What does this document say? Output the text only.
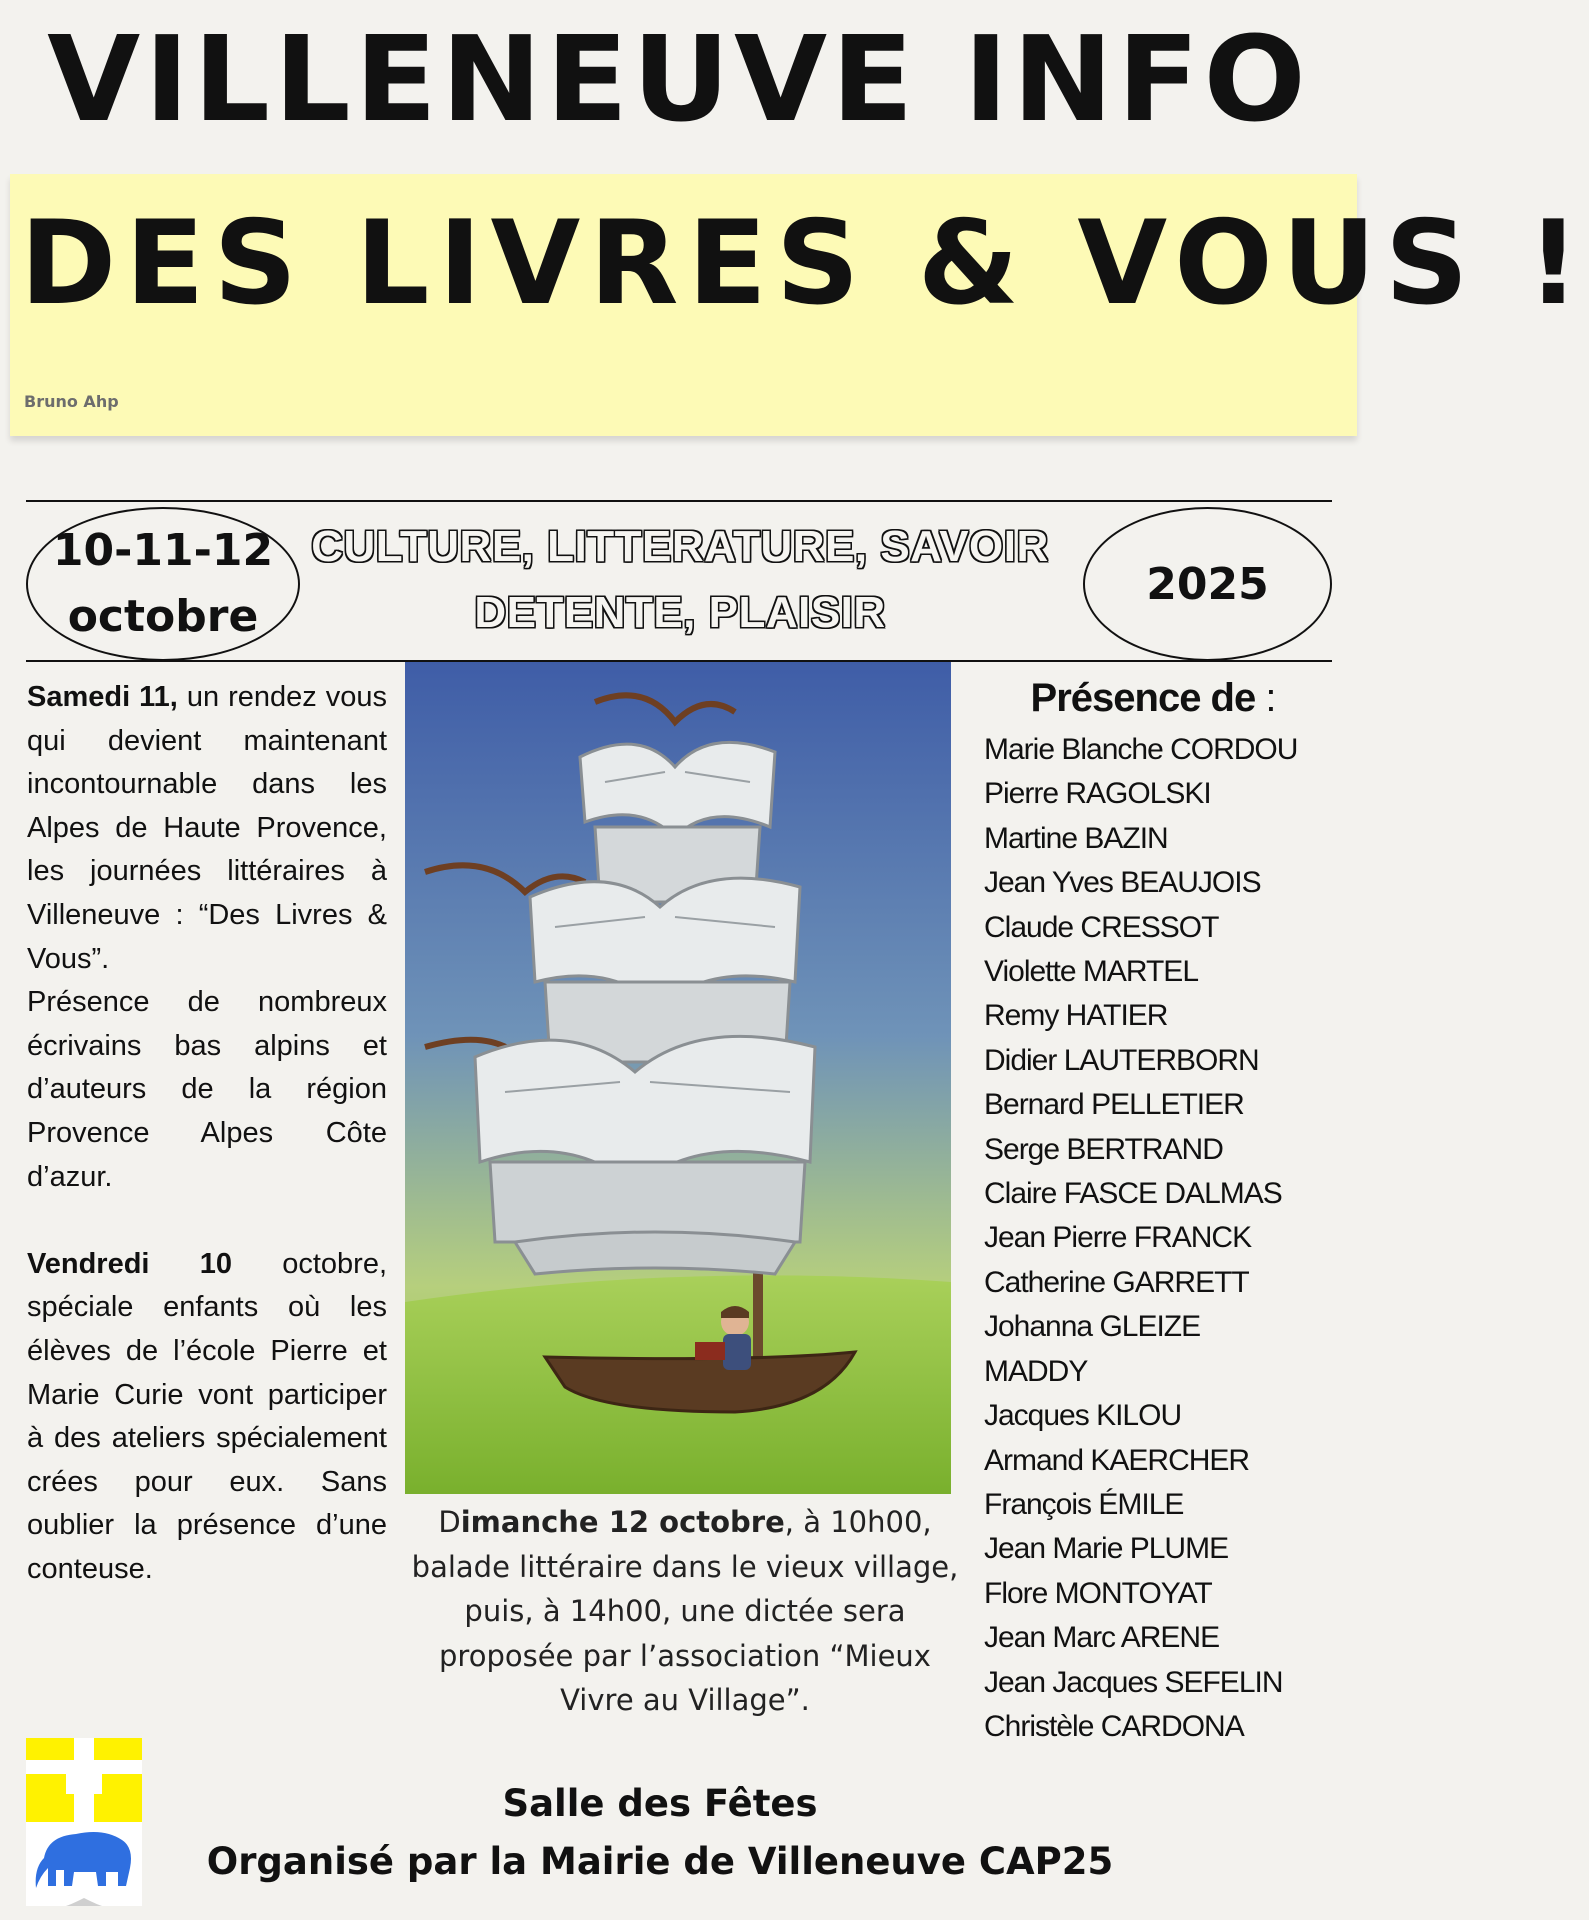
VILLENEUVE INFO
DES LIVRES & VOUS !
Bruno Ahp
10-11-12
octobre
CULTURE, LITTERATURE, SAVOIR
DETENTE, PLAISIR
2025

Samedi 11, un rendez vous qui devient maintenant incontournable dans les Alpes de Haute Provence, les journées littéraires à Villeneuve : “Des Livres & Vous”.

Présence de nombreux écrivains bas alpins et d’auteurs de la région Provence Alpes Côte d’azur.

Vendredi 10 octobre, spéciale enfants où les élèves de l’école Pierre et Marie Curie vont participer à des ateliers spécialement crées pour eux. Sans oublier la présence d’une conteuse.

Dimanche 12 octobre, à 10h00, balade littéraire dans le vieux village, puis, à 14h00, une dictée sera proposée par l’association “Mieux Vivre au Village”.
Présence de :
Marie Blanche CORDOU
Pierre RAGOLSKI
Martine BAZIN
Jean Yves BEAUJOIS
Claude CRESSOT
Violette MARTEL
Remy HATIER
Didier LAUTERBORN
Bernard PELLETIER
Serge BERTRAND
Claire FASCE DALMAS
Jean Pierre FRANCK
Catherine GARRETT
Johanna GLEIZE
MADDY
Jacques KILOU
Armand KAERCHER
François ÉMILE
Jean Marie PLUME
Flore MONTOYAT
Jean Marc ARENE
Jean Jacques SEFELIN
Christèle CARDONA
Salle des Fêtes
Organisé par la Mairie de Villeneuve CAP25
